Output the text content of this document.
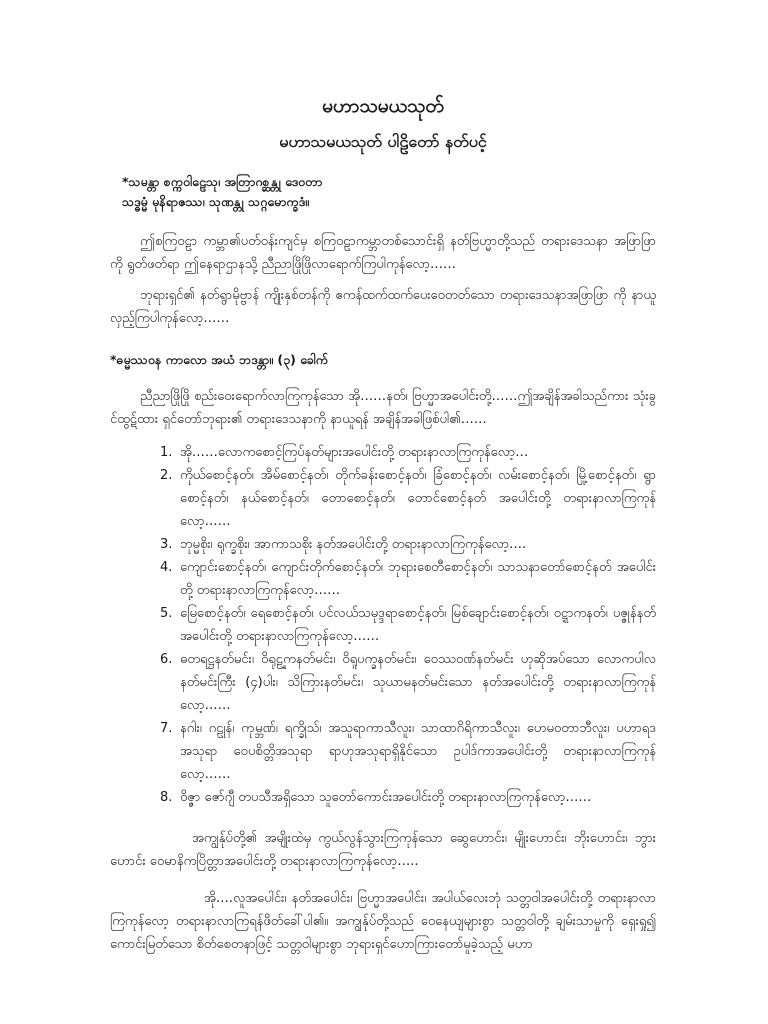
မဟာသမယသုတ်
မဟာသမယသုတ် ပါဠိတော် နတ်ပင့်
*သမန္တာ စက္ကဝါဠေသု၊ အတြာဂစ္ဆန္တု ဒေဝတာ
သဒ္ဓမ္မံ မုနိရာဇဿ၊ သုဏန္တု သဂ္ဂမောက္ခဒံ။

ဤစကြဝဠာ ကမ္ဘာ၏ပတ်ဝန်းကျင်မှ စကြဝဠာကမ္ဘာတစ်သောင်းရှိ နတ်ဗြဟ္မာတို့သည် တရားဒေသနာ အဖြာဖြာကို ရွတ်ဖတ်ရာ ဤနေရာဌာနသို့ ညီညာဖြိုဖြိုလာရောက်ကြပါကုန်လော့……

ဘုရားရှင်၏ နတ်ရွာမိုဗ္ဗာန် ကျိုးနှစ်တန်ကို ဧကန်ထက်ထက်ပေးဝေတတ်သော တရားဒေသနာအဖြာဖြာ ကို နာယူလှည့်ကြပါကုန်လော့……

*ဓမ္မဿဝန ကာလော အယံ ဘဒန္တာ။ (၃) ခေါက်

ညီညာဖြိုဖြို စည်းဝေးရောက်လာကြကုန်သော အို……နတ်၊ ဗြဟ္မာအပေါင်းတို့……ဤအချိန်အခါသည်ကား သုံးခွင်ထွဋ်ထား ရှင်တော်ဘုရား၏ တရားဒေသနာကို နာယူရန် အချိန်အခါဖြစ်ပါ၏……

1. အို……လောကစောင့်ကြပ်နတ်များအပေါင်းတို့ တရားနာလာကြကုန်လော့…
2. ကိုယ်စောင့်နတ်၊ အိမ်စောင့်နတ်၊ တိုက်ခန်းစောင့်နတ်၊ ခြံစောင့်နတ်၊ လမ်းစောင့်နတ်၊ မြို့စောင့်နတ်၊ ရွာစောင့်နတ်၊ နယ်စောင့်နတ်၊ တောစောင့်နတ်၊ တောင်စောင့်နတ် အပေါင်းတို့ တရားနာလာကြကုန် လော့……
3. ဘုမ္မစိုး၊ ရုက္ခစိုး၊ အာကာသစိုး နတ်အပေါင်းတို့ တရားနာလာကြကုန်လော့….
4. ကျောင်းစောင့်နတ်၊ ကျောင်းတိုက်စောင့်နတ်၊ ဘုရားစေတီစောင့်နတ်၊ သာသနာတော်စောင့်နတ် အပေါင်းတို့ တရားနာလာကြကုန်လော့……
5. မြေစောင့်နတ်၊ ရေစောင့်နတ်၊ ပင်လယ်သမုဒ္ဒရာစောင့်နတ်၊ မြစ်ချောင်းစောင့်နတ်၊ ဝဋ္ဋာကနတ်၊ ပဇ္ဇုန်နတ် အပေါင်းတို့ တရားနာလာကြကုန်လော့……
6. ဓတရဋ္ဌနတ်မင်း၊ ဝိရုဠ္ဍကနတ်မင်း၊ ဝိရူပက္ခနတ်မင်း၊ ဝေဿဝဏ်နတ်မင်း ဟုဆိုအပ်သော လောကပါလ နတ်မင်းကြီး (၄)ပါး၊ သိကြားနတ်မင်း၊ သုယာမနတ်မင်းသော နတ်အပေါင်းတို့ တရားနာလာကြကုန် လော့……
7. နဂါး၊ ဂဠုန်၊ ကုမ္ဘဏ်၊ ရက္ခိုသ်၊ အသူရာကာသီလူး၊ သာထာဂိရိကာသီလူး၊ ဟေမဝတာဘီလူး၊ ပဟာရဒအသုရာ ဝေပစိတ္တိအသုရာ ရာဟုအသုရာရှိနိုင်သော ဥပါဒ်ကာအပေါင်းတို့ တရားနာလာကြကုန် လော့……
8. ဝိဇ္ဇာ ဇော်ဂျီ တပသီအရှိသော သူတော်ကောင်းအပေါင်းတို့ တရားနာလာကြကုန်လော့……

အကျွန်ုပ်တို့၏ အမျိုးထဲမှ ကွယ်လွန်သွားကြကုန်သော ဆွေဟောင်း၊ မျိုးဟောင်း၊ ဘိုးဟောင်း၊ ဘွားဟောင်း ဝေမာနိကပြိတ္တာအပေါင်းတို့ တရားနာလာကြကုန်လော့…..

အို….လူအပေါင်း၊ နတ်အပေါင်း၊ ဗြဟ္မာအပေါင်း၊ အပါယ်လေးဘုံ သတ္တဝါအပေါင်းတို့ တရားနာလာကြကုန်လော့ တရားနာလာကြရန်ဖိတ်ခေါ်ပါ၏။ အကျွန်ုပ်တို့သည် ဝေနေယျများစွာ သတ္တဝါတို့ ချမ်းသာမှုကို ရှေးရှု၍ ကောင်းမြတ်သော စိတ်စေတနာဖြင့် သတ္တဝါများစွာ ဘုရားရှင်ဟောကြားတော်မူခဲ့သည့် မဟာ
